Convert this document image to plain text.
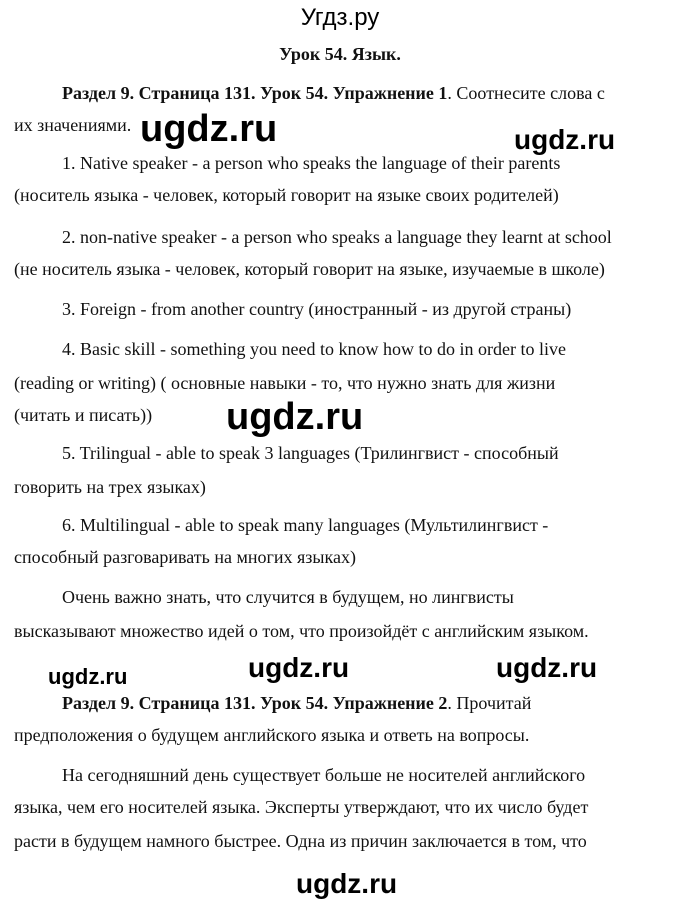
Угдз.ру
Урок 54. Язык.
Раздел 9. Страница 131. Урок 54. Упражнение 1. Соотнесите слова с
их значениями.
1. Native speaker - a person who speaks the language of their parents
(носитель языка - человек, который говорит на языке своих родителей)
2. non-native speaker - a person who speaks a language they learnt at school
(не носитель языка - человек, который говорит на языке, изучаемые в школе)
3. Foreign - from another country (иностранный - из другой страны)
4. Basic skill - something you need to know how to do in order to live
(reading or writing) ( основные навыки - то, что нужно знать для жизни
(читать и писать))
5. Trilingual - able to speak 3 languages (Трилингвист - способный
говорить на трех языках)
6. Multilingual - able to speak many languages (Мультилингвист -
способный разговаривать на многих языках)
Очень важно знать, что случится в будущем, но лингвисты
высказывают множество идей о том, что произойдёт с английским языком.
Раздел 9. Страница 131. Урок 54. Упражнение 2. Прочитай
предположения о будущем английского языка и ответь на вопросы.
На сегодняшний день существует больше не носителей английского
языка, чем его носителей языка. Эксперты утверждают, что их число будет
расти в будущем намного быстрее. Одна из причин заключается в том, что
ugdz.ru	ugdz.ru
ugdz.ru
ugdz.ru	ugdz.ru	ugdz.ru
ugdz.ru
